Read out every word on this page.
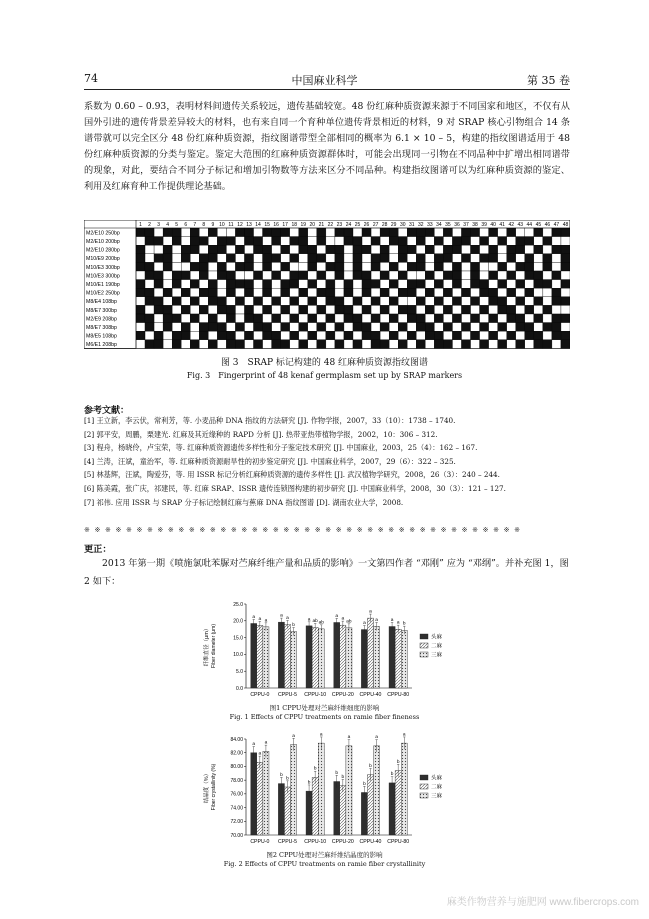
74	中国麻业科学	第 35 卷
系数为 0.60 – 0.93，表明材料间遗传关系较远，遗传基础较宽。48 份红麻种质资源来源于不同国家和地区，不仅有从国外引进的遗传背景差异较大的材料，也有来自同一个育种单位遗传背景相近的材料，9 对 SRAP 核心引物组合 14 条谱带就可以完全区分 48 份红麻种质资源，指纹图谱带型全部相同的概率为 6.1 × 10 – 5，构建的指纹图谱适用于 48 份红麻种质资源的分类与鉴定。鉴定大范围的红麻种质资源群体时，可能会出现同一引物在不同品种中扩增出相同谱带的现象，对此，要结合不同分子标记和增加引物数等方法来区分不同品种。构建指纹图谱可以为红麻种质资源的鉴定、利用及红麻育种工作提供理论基础。
1 2 3 4 5 6 7 8 9 10 11 12 13 14 15 16 17 18 19 20 21 22 23 24 25 26 27 28 29 30 31 32 33 34 35 36 37 38 39 40 41 42 43 44 45 46 47 48
M2/E10 250bp
M2/E10 200bp
M2/E10 280bp
M10/E9 200bp
M10/E3 300bp
M10/E3 300bp
M10/E1 190bp
M10/E2 250bp
M8/E4 108bp
M8/E7 300bp
M2/E9 208bp
M8/E7 308bp
M8/E5 108bp
M6/E1 208bp
图 3　SRAP 标记构建的 48 红麻种质资源指纹图谱
Fig. 3　Fingerprint of 48 kenaf germplasm set up by SRAP markers
参考文献：
[1] 王立新，李云伏，常利芳，等. 小麦品种 DNA 指纹的方法研究 [J]. 作物学报，2007，33（10）：1738 – 1740.
[2] 郭平安，周鹏，栗建光. 红麻及其近缘种的 RAPD 分析 [J]. 热带亚热带植物学报，2002，10：306 – 312.
[3] 程舟，杨晓伶，卢宝荣，等. 红麻种质资源遗传多样性和分子鉴定技术研究 [J]. 中国麻业，2003，25（4）：162 – 167.
[4] 兰涛，汪斌，童治军，等. 红麻种质资源耐旱性的初步鉴定研究 [J]. 中国麻业科学，2007，29（6）：322 – 325.
[5] 林基辉，汪斌，陶爱芬，等. 用 ISSR 标记分析红麻种质资源的遗传多样性 [J]. 武汉植物学研究，2008，26（3）：240 – 244.
[6] 陈美霞，张广庆，祁建民，等. 红麻 SRAP、ISSR 遗传连锁图构建的初步研究 [J]. 中国麻业科学，2008，30（3）：121 – 127.
[7] 祁伟. 应用 ISSR 与 SRAP 分子标记绘制红麻与蕉麻 DNA 指纹图谱 [D]. 湖南农业大学，2008.
※ ※ ※ ※ ※ ※ ※ ※ ※ ※ ※ ※ ※ ※ ※ ※ ※ ※ ※ ※ ※ ※ ※ ※ ※ ※ ※ ※ ※ ※ ※ ※ ※ ※ ※ ※ ※ ※ ※ ※ ※ ※
更正：
2013 年第一期《喷施氯吡苯脲对苎麻纤维产量和品质的影响》一文第四作者 “邓刚” 应为 “邓纲”。并补充图 1，图 2 如下：
纤维直径（μm） Fiber diameter (μm)
0.0
5.0
10.0
15.0
20.0
25.0
CPPU-0
a a a
CPPU-5
a a
b
CPPU-10
a ab ab
CPPU-20
a
a
ab
CPPU-40
a
a
a
CPPU-80
a
a b
头麻
二麻
三麻
图1 CPPU处理对苎麻纤维细度的影响
Fig. 1 Effects of CPPU treatments on ramie fiber fineness
结晶度（%） Fiber crystallinity (%)
70.00
72.00
74.00
76.00
78.00
80.00
82.00
84.00
CPPU-0
a
a
a
CPPU-5
b
b
a
CPPU-10
b
b
a
CPPU-20
b
b
a
CPPU-40
b
b
a
CPPU-80
b
b
a
头麻
二麻
三麻
图2 CPPU处理对苎麻纤维结晶度的影响
Fig. 2 Effects of CPPU treatments on ramie fiber crystallinity
麻类作物营养与施肥网 www.fibercrops.com
